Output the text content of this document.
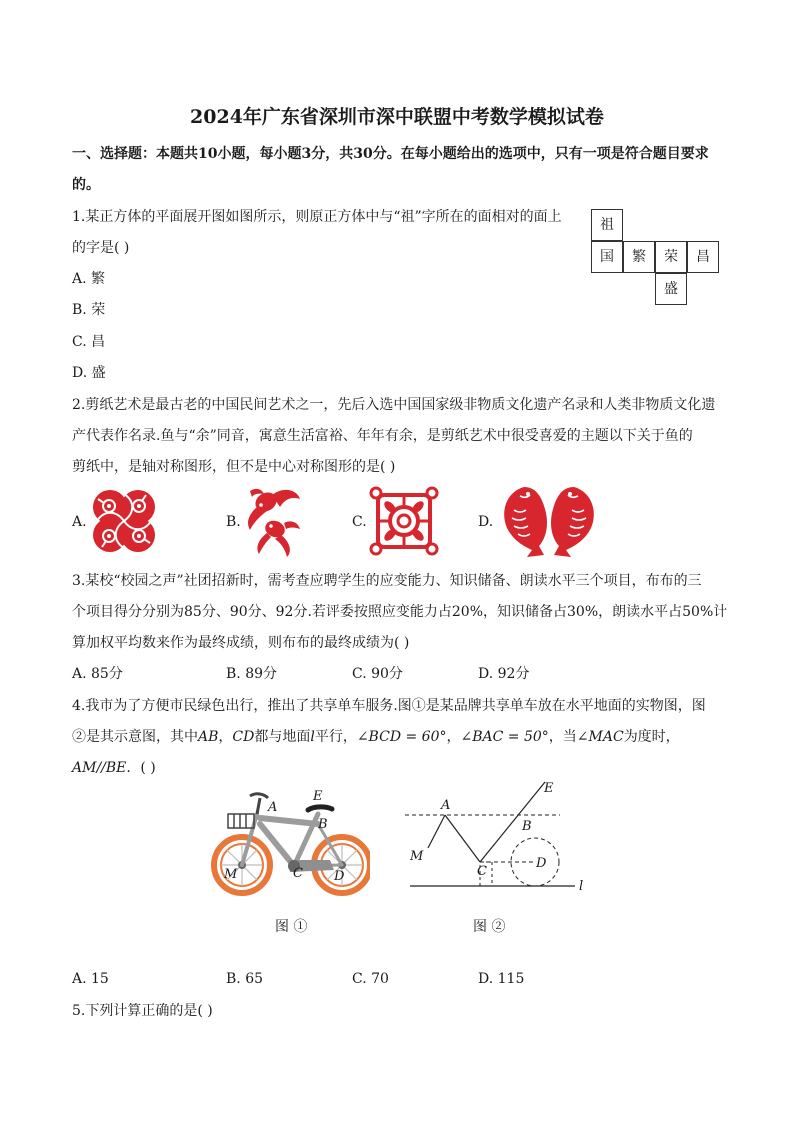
2024年广东省深圳市深中联盟中考数学模拟试卷
一、选择题：本题共10小题，每小题3分，共30分。在每小题给出的选项中，只有一项是符合题目要求
的。
1.某正方体的平面展开图如图所示，则原正方体中与“祖”字所在的面相对的面上
的字是( )
A. 繁
B. 荣
C. 昌
D. 盛
祖
国	繁	荣	昌
盛
2.剪纸艺术是最古老的中国民间艺术之一，先后入选中国国家级非物质文化遗产名录和人类非物质文化遗
产代表作名录.鱼与“余”同音，寓意生活富裕、年年有余，是剪纸艺术中很受喜爱的主题以下关于鱼的
剪纸中，是轴对称图形，但不是中心对称图形的是( )
A.	B.	C.	D.
3.某校“校园之声”社团招新时，需考查应聘学生的应变能力、知识储备、朗读水平三个项目，布布的三
个项目得分分别为85分、90分、92分.若评委按照应变能力占20%，知识储备占30%，朗读水平占50%计
算加权平均数来作为最终成绩，则布布的最终成绩为( )
A. 85分	B. 89分	C. 90分	D. 92分
4.我市为了方便市民绿色出行，推出了共享单车服务.图①是某品牌共享单车放在水平地面的实物图，图
②是其示意图，其中AB，CD都与地面l平行，∠BCD = 60°，∠BAC = 50°，当∠MAC为度时，
AM//BE．( )
A
E
B
C D
M
A
E
B
M
C
D
l
图 ①	图 ②
A. 15	B. 65	C. 70	D. 115
5.下列计算正确的是( )
